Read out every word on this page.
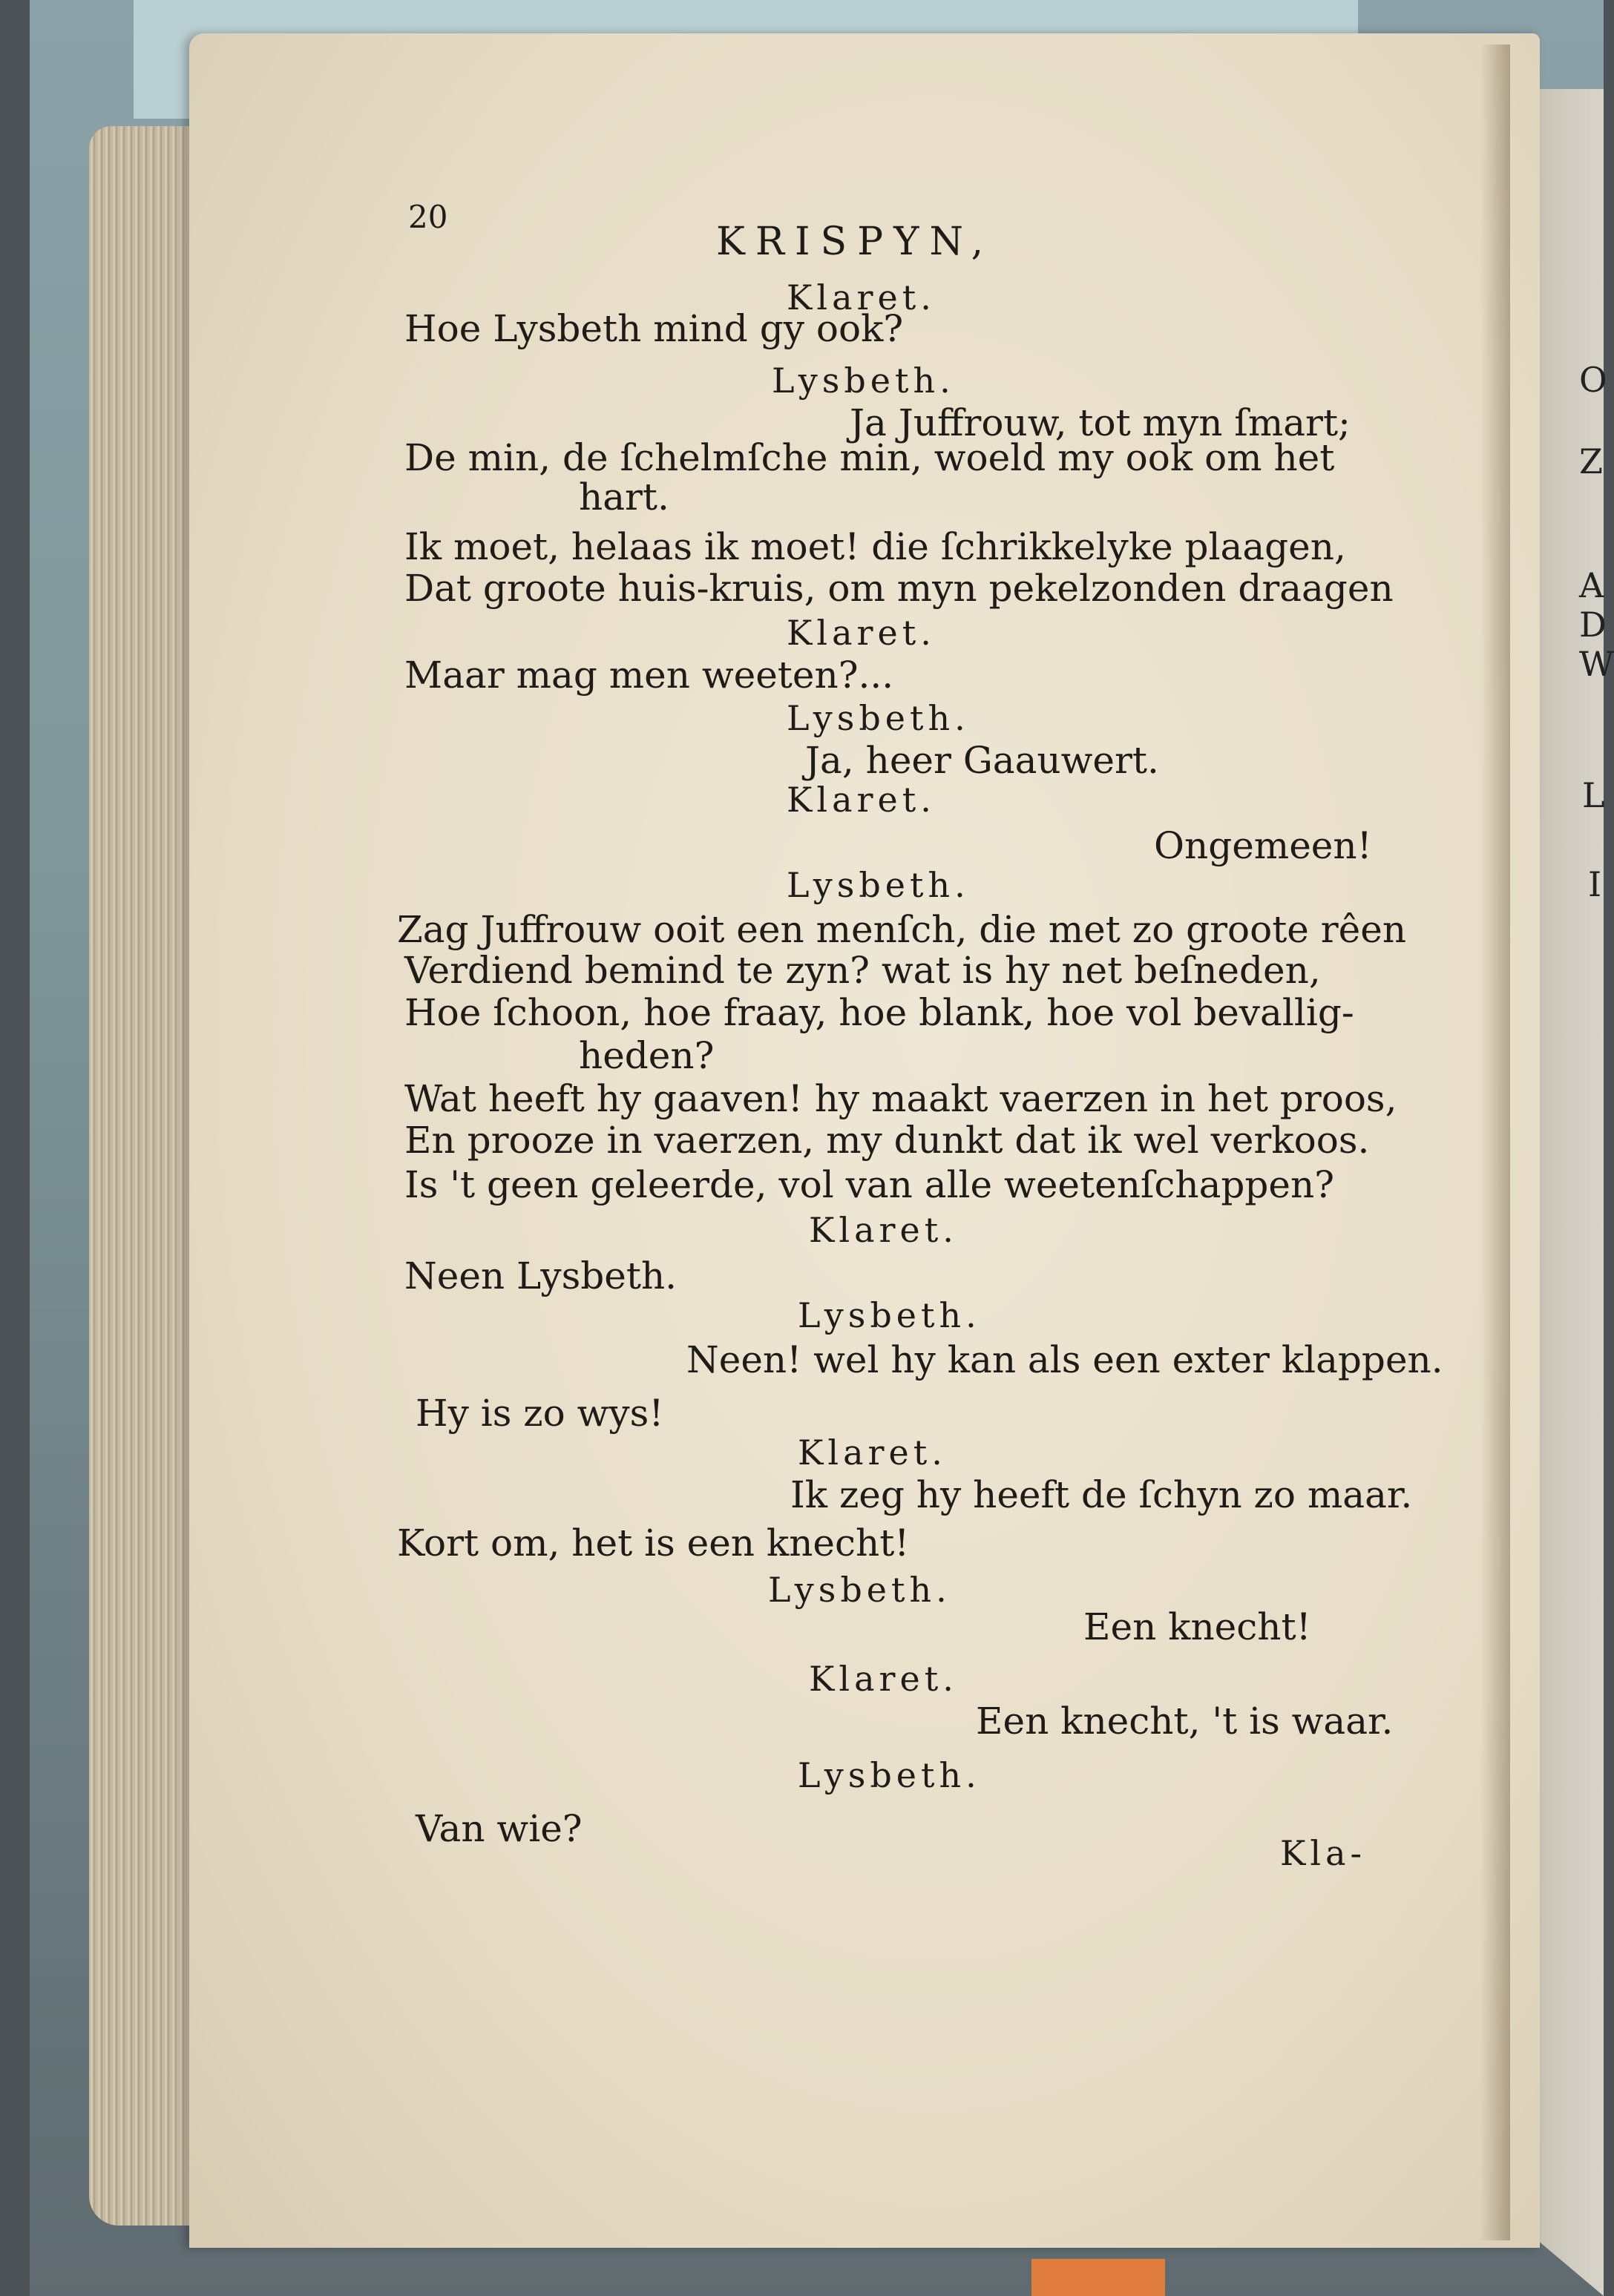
O
Z
A
D
W
L
I
20
KRISPYN,
Klaret.
Hoe Lysbeth mind gy ook?
Lysbeth.
Ja Juffrouw, tot myn ſmart;
De min, de ſchelmſche min, woeld my ook om het
hart.
Ik moet, helaas ik moet! die ſchrikkelyke plaagen,
Dat groote huis-kruis, om myn pekelzonden draagen
Klaret.
Maar mag men weeten?...
Lysbeth.
Ja, heer Gaauwert.
Klaret.
Ongemeen!
Lysbeth.
Zag Juffrouw ooit een menſch, die met zo groote rêen
Verdiend bemind te zyn? wat is hy net beſneden,
Hoe ſchoon, hoe fraay, hoe blank, hoe vol bevallig-
heden?
Wat heeft hy gaaven! hy maakt vaerzen in het proos,
En prooze in vaerzen, my dunkt dat ik wel verkoos.
Is 't geen geleerde, vol van alle weetenſchappen?
Klaret.
Neen Lysbeth.
Lysbeth.
Neen! wel hy kan als een exter klappen.
Hy is zo wys!
Klaret.
Ik zeg hy heeft de ſchyn zo maar.
Kort om, het is een knecht!
Lysbeth.
Een knecht!
Klaret.
Een knecht, 't is waar.
Lysbeth.
Van wie?
Kla-
